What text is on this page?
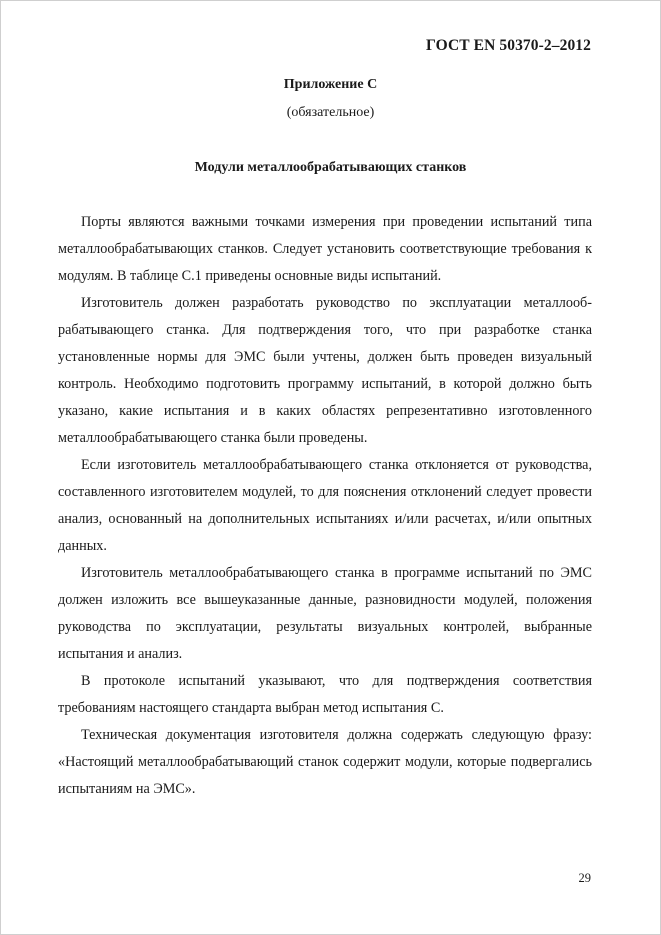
ГОСТ EN 50370-2–2012
Приложение С
(обязательное)
Модули металлообрабатывающих станков

Порты являются важными точками измерения при проведении испытаний типа металлообрабатывающих станков. Следует установить соответствующие требования к модулям. В таблице С.1 приведены основные виды испытаний.

Изготовитель должен разработать руководство по эксплуатации металлообрабатывающего станка. Для подтверждения того, что при разработке станка установленные нормы для ЭМС были учтены, должен быть проведен визуальный контроль. Необходимо подготовить программу испытаний, в которой должно быть указано, какие испытания и в каких областях репрезентативно изготовленного металлообрабатывающего станка были проведены.

Если изготовитель металлообрабатывающего станка отклоняется от руководства, составленного изготовителем модулей, то для пояснения отклонений следует провести анализ, основанный на дополнительных испытаниях и/или расчетах, и/или опытных данных.

Изготовитель металлообрабатывающего станка в программе испытаний по ЭМС должен изложить все вышеуказанные данные, разновидности модулей, положения руководства по эксплуатации, результаты визуальных контролей, выбранные испытания и анализ.

В протоколе испытаний указывают, что для подтверждения соответствия требованиям настоящего стандарта выбран метод испытания С.

Техническая документация изготовителя должна содержать следующую фразу: «Настоящий металлообрабатывающий станок содержит модули, которые подвергались испытаниям на ЭМС».

29
